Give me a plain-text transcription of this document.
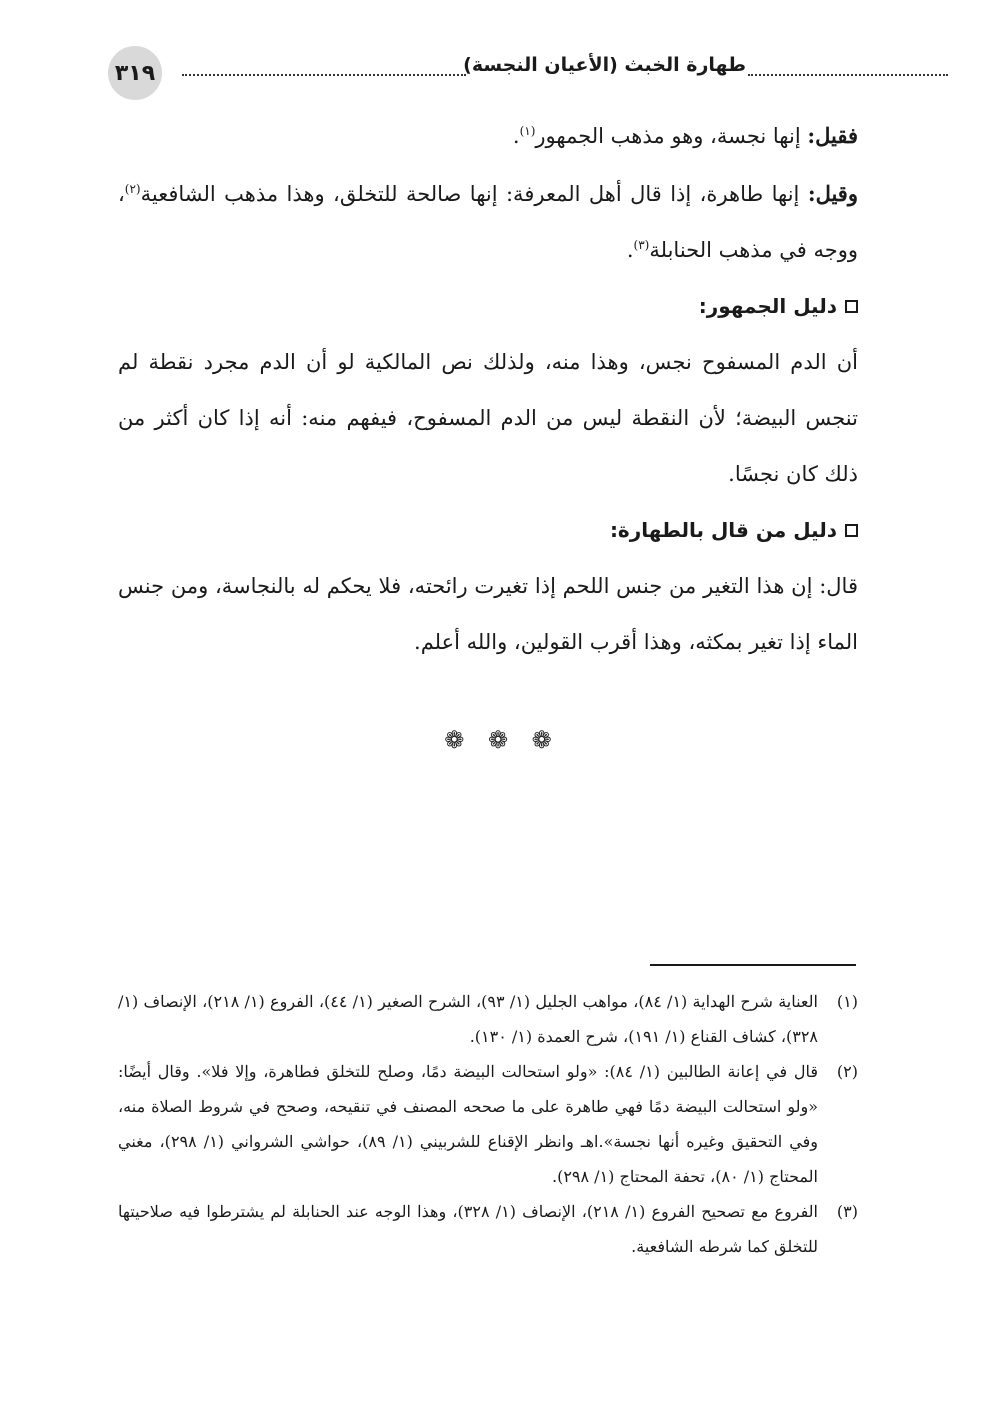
٣١٩	طهارة الخبث (الأعيان النجسة)

فقيل: إنها نجسة، وهو مذهب الجمهور$^{(١)}$.

وقيل: إنها طاهرة، إذا قال أهل المعرفة: إنها صالحة للتخلق، وهذا مذهب الشافعية$^{(٢)}$، ووجه في مذهب الحنابلة$^{(٣)}$.

دليل الجمهور:

أن الدم المسفوح نجس، وهذا منه، ولذلك نص المالكية لو أن الدم مجرد نقطة لم تنجس البيضة؛ لأن النقطة ليس من الدم المسفوح، فيفهم منه: أنه إذا كان أكثر من ذلك كان نجسًا.

دليل من قال بالطهارة:

قال: إن هذا التغير من جنس اللحم إذا تغيرت رائحته، فلا يحكم له بالنجاسة، ومن جنس الماء إذا تغير بمكثه، وهذا أقرب القولين، والله أعلم.

❁ ❁ ❁
(١)
العناية شرح الهداية (١/ ٨٤)، مواهب الجليل (١/ ٩٣)، الشرح الصغير (١/ ٤٤)، الفروع (١/ ٢١٨)، الإنصاف (١/ ٣٢٨)، كشاف القناع (١/ ١٩١)، شرح العمدة (١/ ١٣٠).
(٢)
قال في إعانة الطالبين (١/ ٨٤): «ولو استحالت البيضة دمًا، وصلح للتخلق فطاهرة، وإلا فلا». وقال أيضًا: «ولو استحالت البيضة دمًا فهي طاهرة على ما صححه المصنف في تنقيحه، وصحح في شروط الصلاة منه، وفي التحقيق وغيره أنها نجسة».اهـ وانظر الإقناع للشربيني (١/ ٨٩)، حواشي الشرواني (١/ ٢٩٨)، مغني المحتاج (١/ ٨٠)، تحفة المحتاج (١/ ٢٩٨).
(٣)
الفروع مع تصحيح الفروع (١/ ٢١٨)، الإنصاف (١/ ٣٢٨)، وهذا الوجه عند الحنابلة لم يشترطوا فيه صلاحيتها للتخلق كما شرطه الشافعية.
